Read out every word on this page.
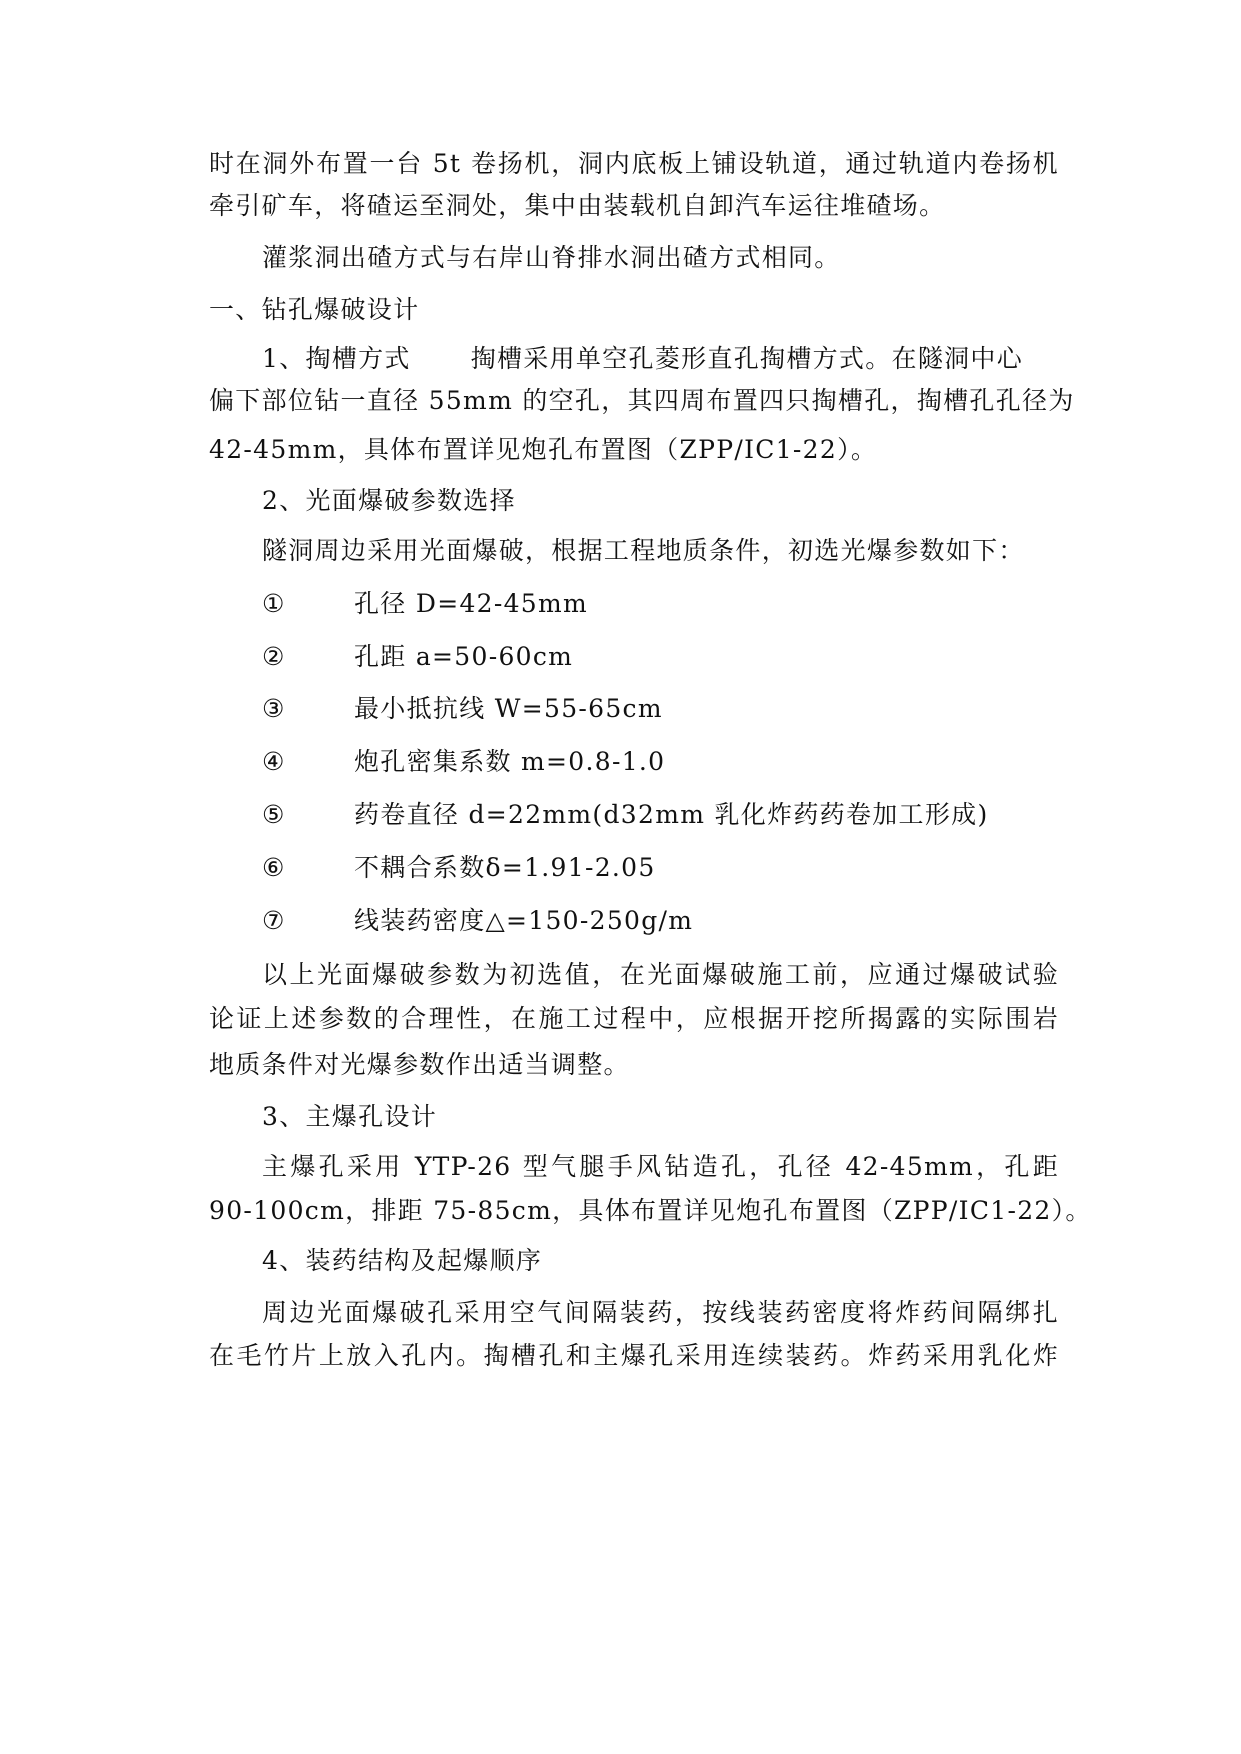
时在洞外布置一台 5t 卷扬机，洞内底板上铺设轨道，通过轨道内卷扬机
牵引矿车，将碴运至洞处，集中由装载机自卸汽车运往堆碴场。
灌浆洞出碴方式与右岸山脊排水洞出碴方式相同。
一、钻孔爆破设计
1、掏槽方式 掏槽采用单空孔菱形直孔掏槽方式。在隧洞中心
偏下部位钻一直径 55mm 的空孔，其四周布置四只掏槽孔，掏槽孔孔径为
42-45mm，具体布置详见炮孔布置图（ZPP/IC1-22）。
2、光面爆破参数选择
隧洞周边采用光面爆破，根据工程地质条件，初选光爆参数如下：
①	孔径 D=42-45mm
②	孔距 a=50-60cm
③	最小抵抗线 W=55-65cm
④	炮孔密集系数 m=0.8-1.0
⑤	药卷直径 d=22mm(d32mm 乳化炸药药卷加工形成)
⑥	不耦合系数δ=1.91-2.05
⑦	线装药密度△=150-250g/m
以上光面爆破参数为初选值，在光面爆破施工前，应通过爆破试验
论证上述参数的合理性，在施工过程中，应根据开挖所揭露的实际围岩
地质条件对光爆参数作出适当调整。
3、主爆孔设计
主爆孔采用 YTP-26 型气腿手风钻造孔，孔径 42-45mm，孔距
90-100cm，排距 75-85cm，具体布置详见炮孔布置图（ZPP/IC1-22）。
4、装药结构及起爆顺序
周边光面爆破孔采用空气间隔装药，按线装药密度将炸药间隔绑扎
在毛竹片上放入孔内。掏槽孔和主爆孔采用连续装药。炸药采用乳化炸
